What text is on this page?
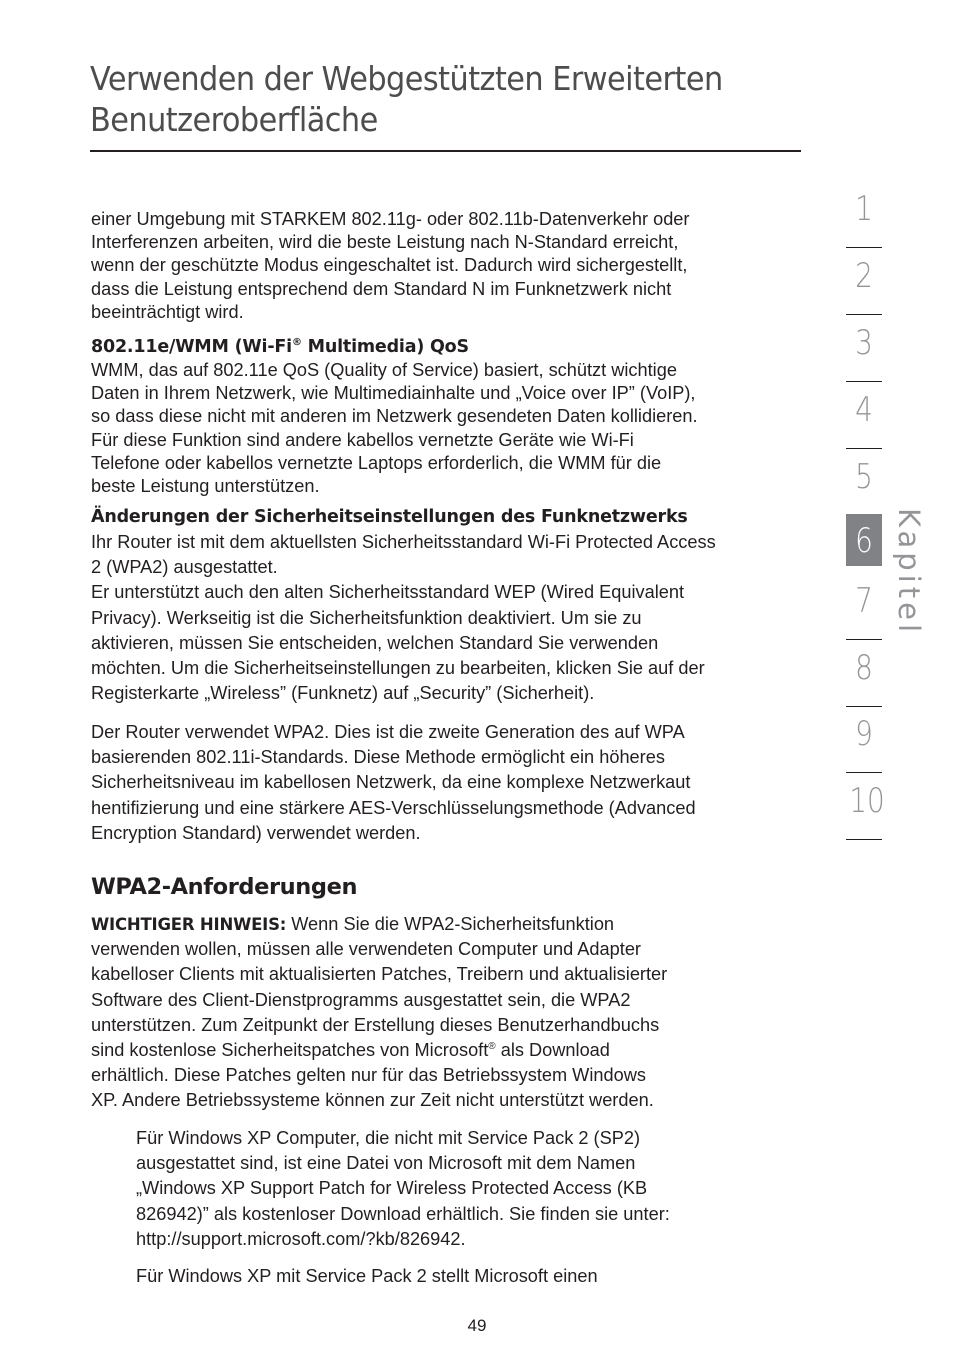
Verwenden der Webgestützten Erweiterten
Benutzeroberfläche
1
2
3
4
5
6
7
8
9
10
Kapitel
einer Umgebung mit STARKEM 802.11g- oder 802.11b-Datenverkehr oder
Interferenzen arbeiten, wird die beste Leistung nach N-Standard erreicht,
wenn der geschützte Modus eingeschaltet ist. Dadurch wird sichergestellt,
dass die Leistung entsprechend dem Standard N im Funknetzwerk nicht
beeinträchtigt wird.
802.11e/WMM (Wi-Fi® Multimedia) QoS
WMM, das auf 802.11e QoS (Quality of Service) basiert, schützt wichtige
Daten in Ihrem Netzwerk, wie Multimediainhalte und „Voice over IP” (VoIP),
so dass diese nicht mit anderen im Netzwerk gesendeten Daten kollidieren.
Für diese Funktion sind andere kabellos vernetzte Geräte wie Wi-Fi
Telefone oder kabellos vernetzte Laptops erforderlich, die WMM für die
beste Leistung unterstützen.
Änderungen der Sicherheitseinstellungen des Funknetzwerks
Ihr Router ist mit dem aktuellsten Sicherheitsstandard Wi-Fi Protected Access
2 (WPA2) ausgestattet.
Er unterstützt auch den alten Sicherheitsstandard WEP (Wired Equivalent
Privacy). Werkseitig ist die Sicherheitsfunktion deaktiviert. Um sie zu
aktivieren, müssen Sie entscheiden, welchen Standard Sie verwenden
möchten. Um die Sicherheitseinstellungen zu bearbeiten, klicken Sie auf der
Registerkarte „Wireless” (Funknetz) auf „Security” (Sicherheit).
Der Router verwendet WPA2. Dies ist die zweite Generation des auf WPA
basierenden 802.11i-Standards. Diese Methode ermöglicht ein höheres
Sicherheitsniveau im kabellosen Netzwerk, da eine komplexe Netzwerkaut
hentifizierung und eine stärkere AES-Verschlüsselungsmethode (Advanced
Encryption Standard) verwendet werden.
WPA2-Anforderungen
WICHTIGER HINWEIS: Wenn Sie die WPA2-Sicherheitsfunktion
verwenden wollen, müssen alle verwendeten Computer und Adapter
kabelloser Clients mit aktualisierten Patches, Treibern und aktualisierter
Software des Client-Dienstprogramms ausgestattet sein, die WPA2
unterstützen. Zum Zeitpunkt der Erstellung dieses Benutzerhandbuchs
sind kostenlose Sicherheitspatches von Microsoft® als Download
erhältlich. Diese Patches gelten nur für das Betriebssystem Windows
XP. Andere Betriebssysteme können zur Zeit nicht unterstützt werden.
Für Windows XP Computer, die nicht mit Service Pack 2 (SP2)
ausgestattet sind, ist eine Datei von Microsoft mit dem Namen
„Windows XP Support Patch for Wireless Protected Access (KB
826942)” als kostenloser Download erhältlich. Sie finden sie unter:
http://support.microsoft.com/?kb/826942.
Für Windows XP mit Service Pack 2 stellt Microsoft einen
49
